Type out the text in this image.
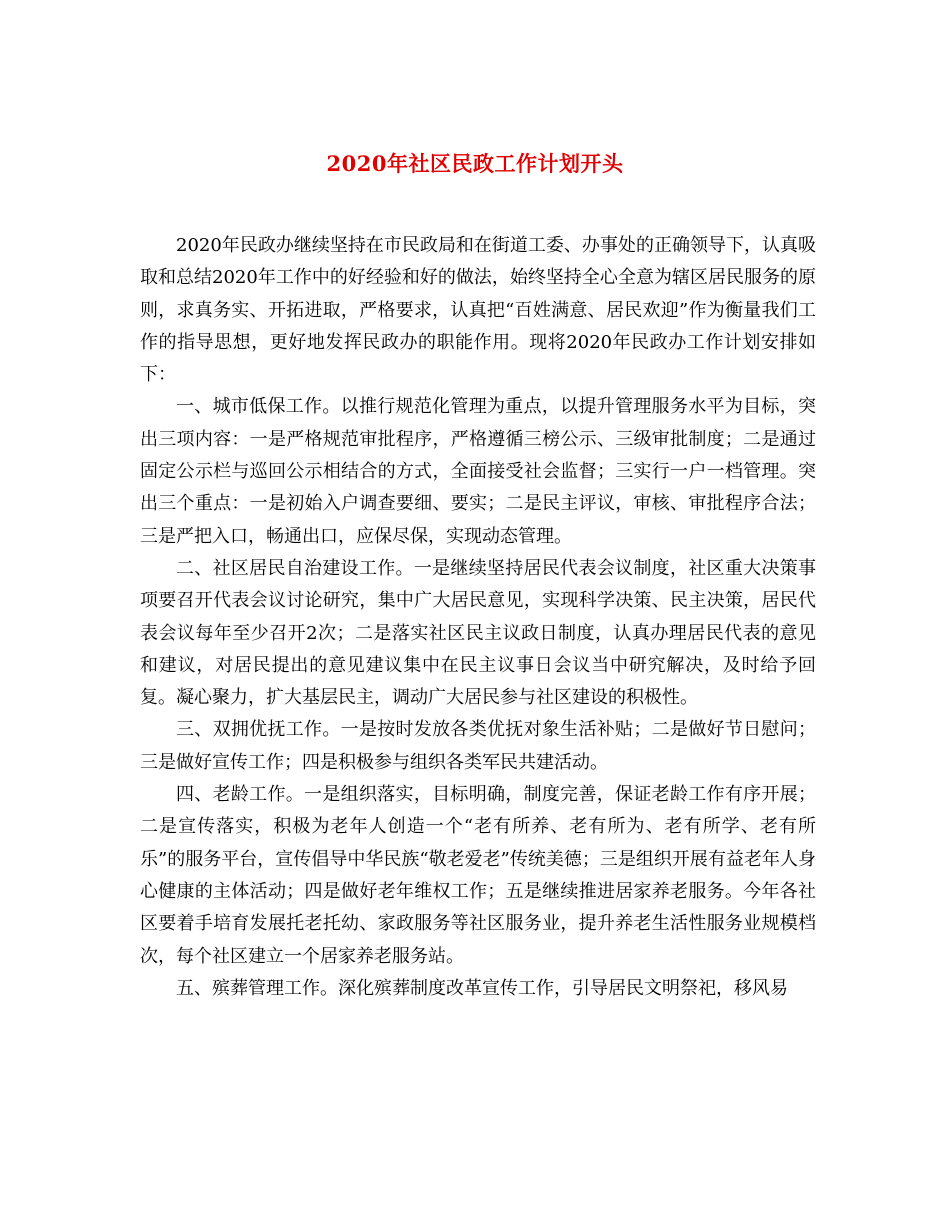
2020年社区民政工作计划开头

2020年民政办继续坚持在市民政局和在街道工委、办事处的正确领导下，认真吸取和总结2020年工作中的好经验和好的做法，始终坚持全心全意为辖区居民服务的原则，求真务实、开拓进取，严格要求，认真把“百姓满意、居民欢迎”作为衡量我们工作的指导思想，更好地发挥民政办的职能作用。现将2020年民政办工作计划安排如下：

一、城市低保工作。以推行规范化管理为重点，以提升管理服务水平为目标，突出三项内容：一是严格规范审批程序，严格遵循三榜公示、三级审批制度；二是通过固定公示栏与巡回公示相结合的方式，全面接受社会监督；三实行一户一档管理。突出三个重点：一是初始入户调查要细、要实；二是民主评议，审核、审批程序合法；三是严把入口，畅通出口，应保尽保，实现动态管理。

二、社区居民自治建设工作。一是继续坚持居民代表会议制度，社区重大决策事项要召开代表会议讨论研究，集中广大居民意见，实现科学决策、民主决策，居民代表会议每年至少召开2次；二是落实社区民主议政日制度，认真办理居民代表的意见和建议，对居民提出的意见建议集中在民主议事日会议当中研究解决，及时给予回复。凝心聚力，扩大基层民主，调动广大居民参与社区建设的积极性。

三、双拥优抚工作。一是按时发放各类优抚对象生活补贴；二是做好节日慰问；三是做好宣传工作；四是积极参与组织各类军民共建活动。

四、老龄工作。一是组织落实，目标明确，制度完善，保证老龄工作有序开展；二是宣传落实，积极为老年人创造一个“老有所养、老有所为、老有所学、老有所乐”的服务平台，宣传倡导中华民族“敬老爱老”传统美德；三是组织开展有益老年人身心健康的主体活动；四是做好老年维权工作；五是继续推进居家养老服务。今年各社区要着手培育发展托老托幼、家政服务等社区服务业，提升养老生活性服务业规模档次，每个社区建立一个居家养老服务站。

五、殡葬管理工作。深化殡葬制度改革宣传工作，引导居民文明祭祀，移风易
